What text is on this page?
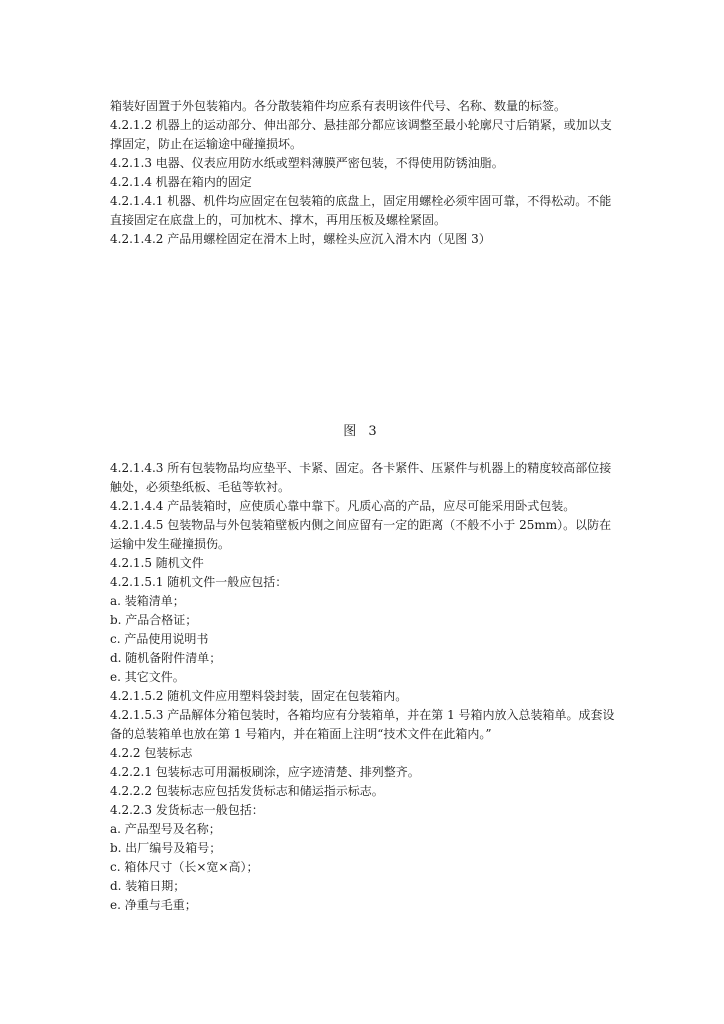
箱装好固置于外包装箱内。各分散装箱件均应系有表明该件代号、名称、数量的标签。

4.2.1.2 机器上的运动部分、伸出部分、悬挂部分都应该调整至最小轮廓尺寸后销紧，或加以支撑固定，防止在运输途中碰撞损坏。

4.2.1.3 电器、仪表应用防水纸或塑料薄膜严密包装，不得使用防锈油脂。

4.2.1.4 机器在箱内的固定

4.2.1.4.1 机器、机件均应固定在包装箱的底盘上，固定用螺栓必须牢固可靠，不得松动。不能直接固定在底盘上的，可加枕木、撑木，再用压板及螺栓紧固。

4.2.1.4.2 产品用螺栓固定在滑木上时，螺栓头应沉入滑木内（见图 3）

图 3

4.2.1.4.3 所有包装物品均应垫平、卡紧、固定。各卡紧件、压紧件与机器上的精度较高部位接触处，必须垫纸板、毛毡等软衬。

4.2.1.4.4 产品装箱时，应使质心靠中靠下。凡质心高的产品，应尽可能采用卧式包装。

4.2.1.4.5 包装物品与外包装箱壁板内侧之间应留有一定的距离（不般不小于 25mm）。以防在运输中发生碰撞损伤。

4.2.1.5 随机文件

4.2.1.5.1 随机文件一般应包括：

a. 装箱清单；

b. 产品合格证；

c. 产品使用说明书

d. 随机备附件清单；

e. 其它文件。

4.2.1.5.2 随机文件应用塑料袋封装，固定在包装箱内。

4.2.1.5.3 产品解体分箱包装时，各箱均应有分装箱单，并在第 1 号箱内放入总装箱单。成套设备的总装箱单也放在第 1 号箱内，并在箱面上注明“技术文件在此箱内。”

4.2.2 包装标志

4.2.2.1 包装标志可用漏板刷涂，应字迹清楚、排列整齐。

4.2.2.2 包装标志应包括发货标志和储运指示标志。

4.2.2.3 发货标志一般包括：

a. 产品型号及名称；

b. 出厂编号及箱号；

c. 箱体尺寸（长×宽×高）；

d. 装箱日期；

e. 净重与毛重；
